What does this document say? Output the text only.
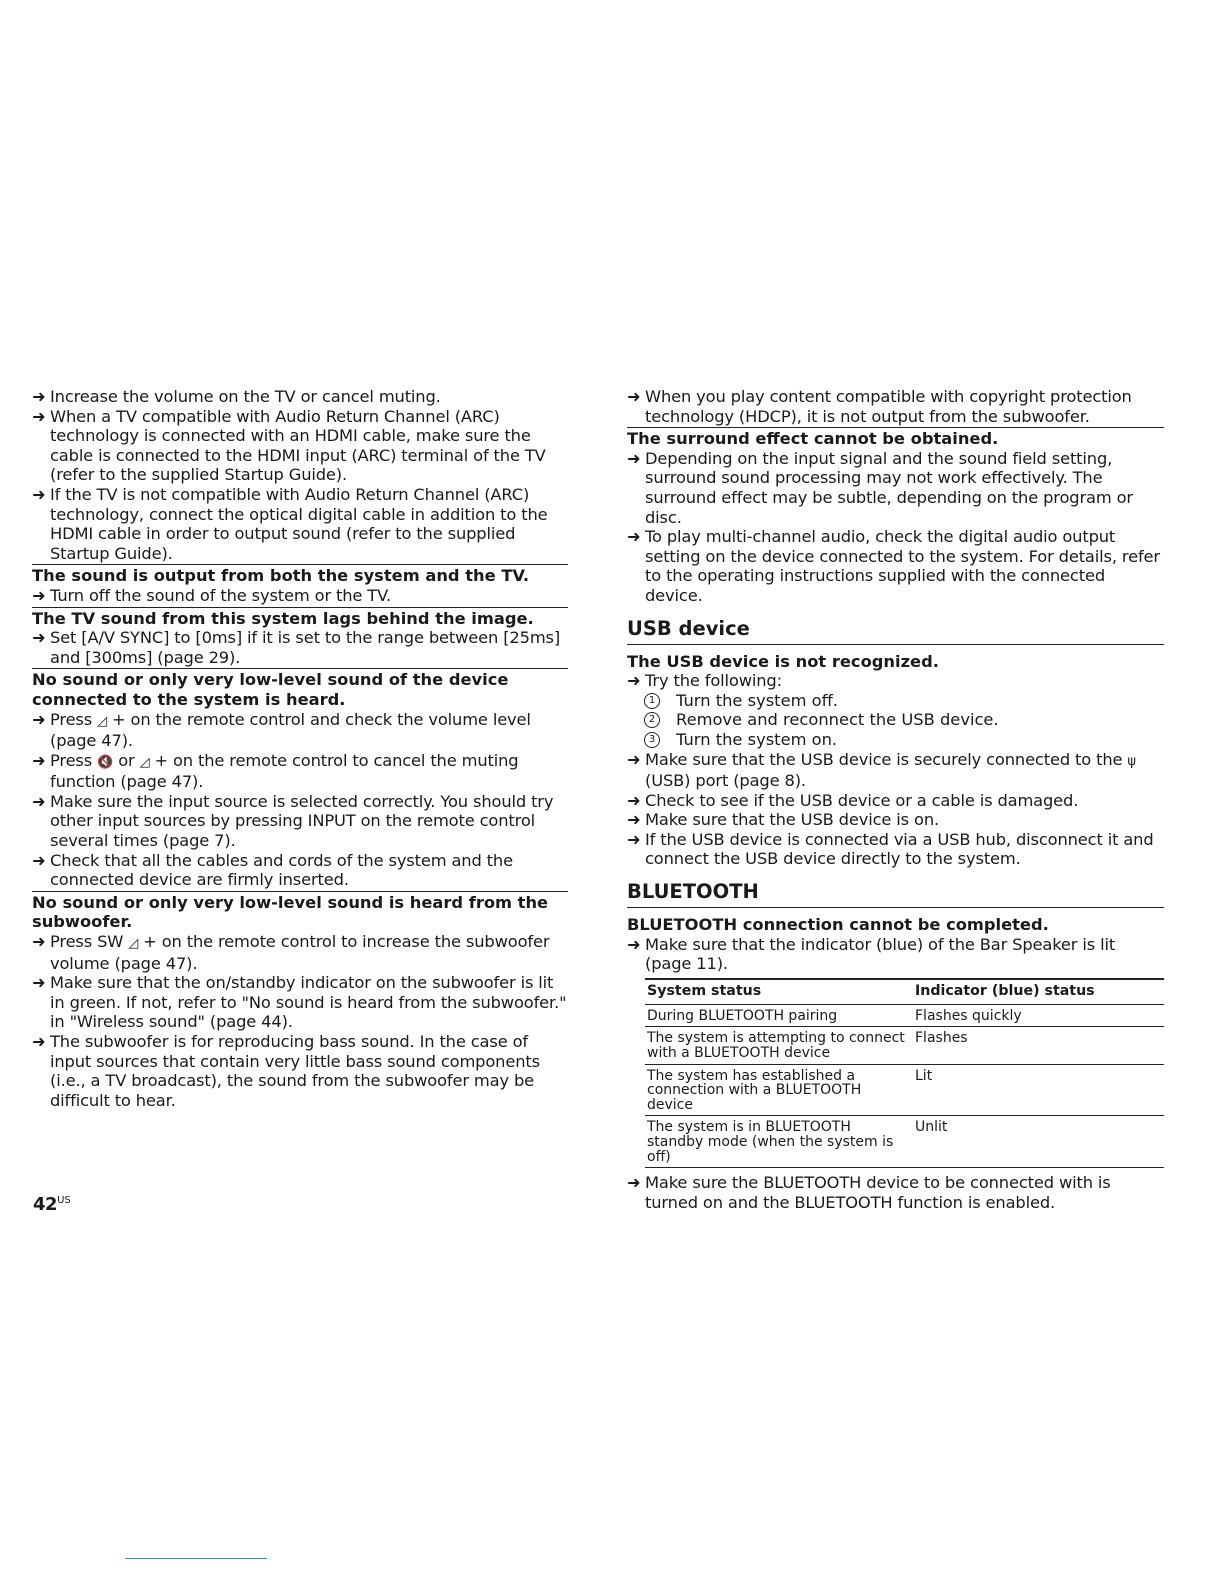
➜ Increase the volume on the TV or cancel muting.
➜ When a TV compatible with Audio Return Channel (ARC) technology is connected with an HDMI cable, make sure the cable is connected to the HDMI input (ARC) terminal of the TV (refer to the supplied Startup Guide).
➜ If the TV is not compatible with Audio Return Channel (ARC) technology, connect the optical digital cable in addition to the HDMI cable in order to output sound (refer to the supplied Startup Guide).
The sound is output from both the system and the TV.
➜ Turn off the sound of the system or the TV.
The TV sound from this system lags behind the image.
➜ Set [A/V SYNC] to [0ms] if it is set to the range between [25ms] and [300ms] (page 29).
No sound or only very low-level sound of the device connected to the system is heard.
➜ Press ◿ + on the remote control and check the volume level (page 47).
➜ Press 🔇 or ◿ + on the remote control to cancel the muting function (page 47).
➜ Make sure the input source is selected correctly. You should try other input sources by pressing INPUT on the remote control several times (page 7).
➜ Check that all the cables and cords of the system and the connected device are firmly inserted.
No sound or only very low-level sound is heard from the subwoofer.
➜ Press SW ◿ + on the remote control to increase the subwoofer volume (page 47).
➜ Make sure that the on/standby indicator on the subwoofer is lit in green. If not, refer to "No sound is heard from the subwoofer." in "Wireless sound" (page 44).
➜ The subwoofer is for reproducing bass sound. In the case of input sources that contain very little bass sound components (i.e., a TV broadcast), the sound from the subwoofer may be difficult to hear.
➜ When you play content compatible with copyright protection technology (HDCP), it is not output from the subwoofer.
The surround effect cannot be obtained.
➜ Depending on the input signal and the sound field setting, surround sound processing may not work effectively. The surround effect may be subtle, depending on the program or disc.
➜ To play multi-channel audio, check the digital audio output setting on the device connected to the system. For details, refer to the operating instructions supplied with the connected device.
USB device
The USB device is not recognized.
➜ Try the following:
1 Turn the system off.
2 Remove and reconnect the USB device.
3 Turn the system on.
➜ Make sure that the USB device is securely connected to the ψ (USB) port (page 8).
➜ Check to see if the USB device or a cable is damaged.
➜ Make sure that the USB device is on.
➜ If the USB device is connected via a USB hub, disconnect it and connect the USB device directly to the system.
BLUETOOTH
BLUETOOTH connection cannot be completed.
➜ Make sure that the indicator (blue) of the Bar Speaker is lit (page 11).
System status	Indicator (blue) status
During BLUETOOTH pairing	Flashes quickly
The system is attempting to connect with a BLUETOOTH device	Flashes
The system has established a connection with a BLUETOOTH device	Lit
The system is in BLUETOOTH standby mode (when the system is off)	Unlit
➜ Make sure the BLUETOOTH device to be connected with is turned on and the BLUETOOTH function is enabled.
$42^{US}$
